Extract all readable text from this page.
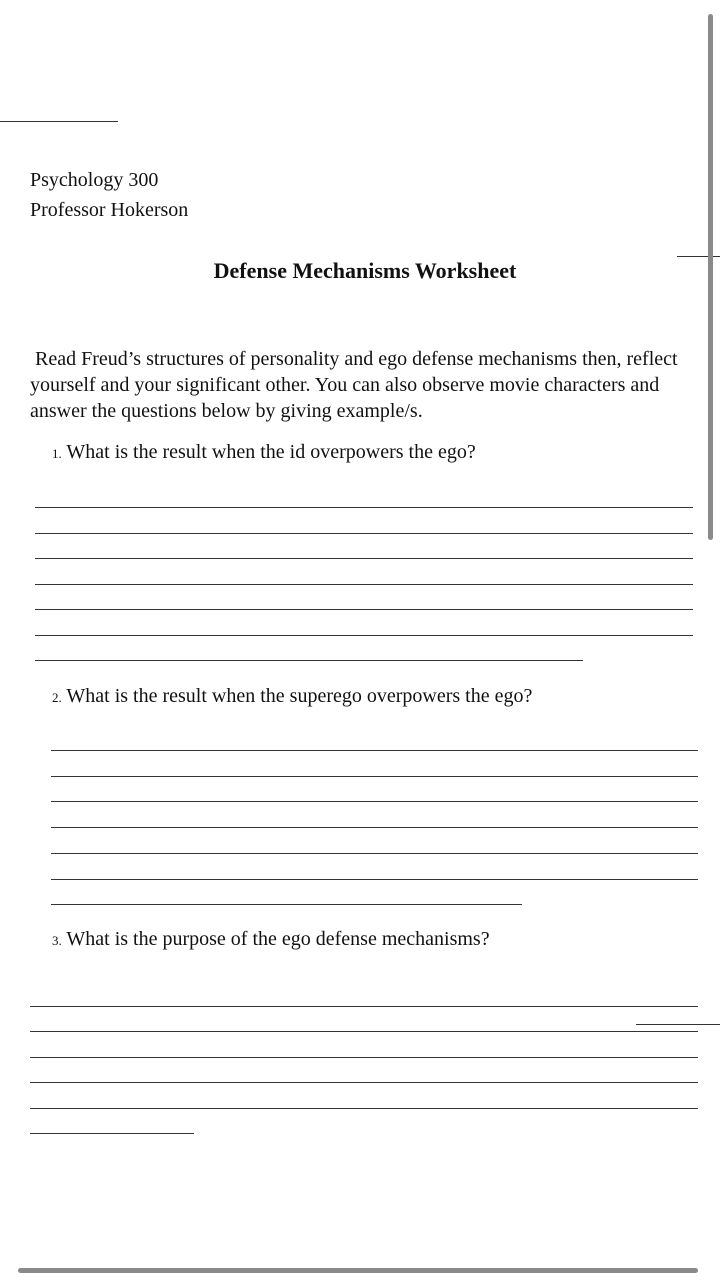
Psychology 300
Professor Hokerson
Defense Mechanisms Worksheet
Read Freud’s structures of personality and ego defense mechanisms then, reflect yourself and your significant other. You can also observe movie characters and answer the questions below by giving example/s.
1. What is the result when the id overpowers the ego?
2. What is the result when the superego overpowers the ego?
3. What is the purpose of the ego defense mechanisms?
